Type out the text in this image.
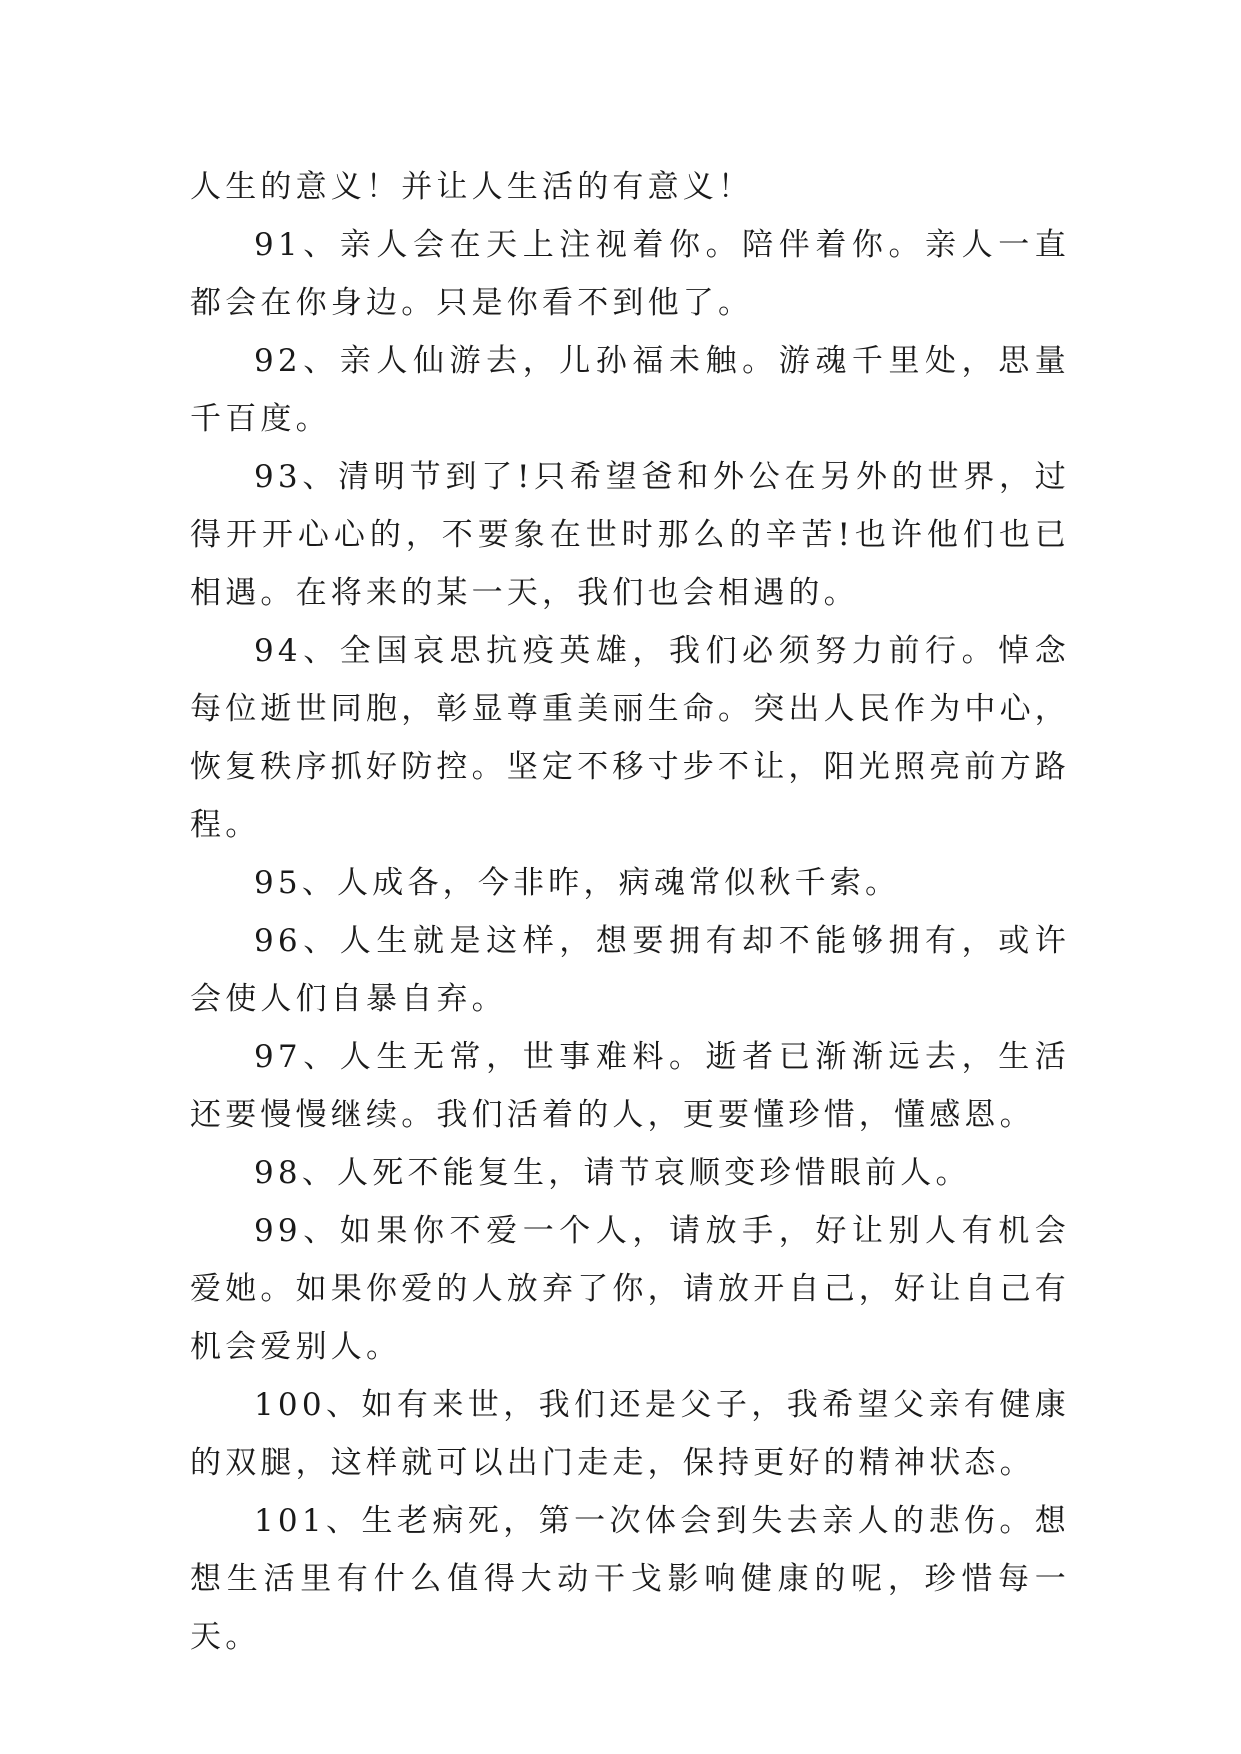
人生的意义！并让人生活的有意义！

91、亲人会在天上注视着你。陪伴着你。亲人一直都会在你身边。只是你看不到他了。

92、亲人仙游去，儿孙福未触。游魂千里处，思量千百度。

93、清明节到了!只希望爸和外公在另外的世界，过得开开心心的，不要象在世时那么的辛苦!也许他们也已相遇。在将来的某一天，我们也会相遇的。

94、全国哀思抗疫英雄，我们必须努力前行。悼念每位逝世同胞，彰显尊重美丽生命。突出人民作为中心，恢复秩序抓好防控。坚定不移寸步不让，阳光照亮前方路程。

95、人成各，今非昨，病魂常似秋千索。

96、人生就是这样，想要拥有却不能够拥有，或许会使人们自暴自弃。

97、人生无常，世事难料。逝者已渐渐远去，生活还要慢慢继续。我们活着的人，更要懂珍惜，懂感恩。

98、人死不能复生，请节哀顺变珍惜眼前人。

99、如果你不爱一个人，请放手，好让别人有机会爱她。如果你爱的人放弃了你，请放开自己，好让自己有机会爱别人。

100、如有来世，我们还是父子，我希望父亲有健康的双腿，这样就可以出门走走，保持更好的精神状态。

101、生老病死，第一次体会到失去亲人的悲伤。想想生活里有什么值得大动干戈影响健康的呢，珍惜每一天。
